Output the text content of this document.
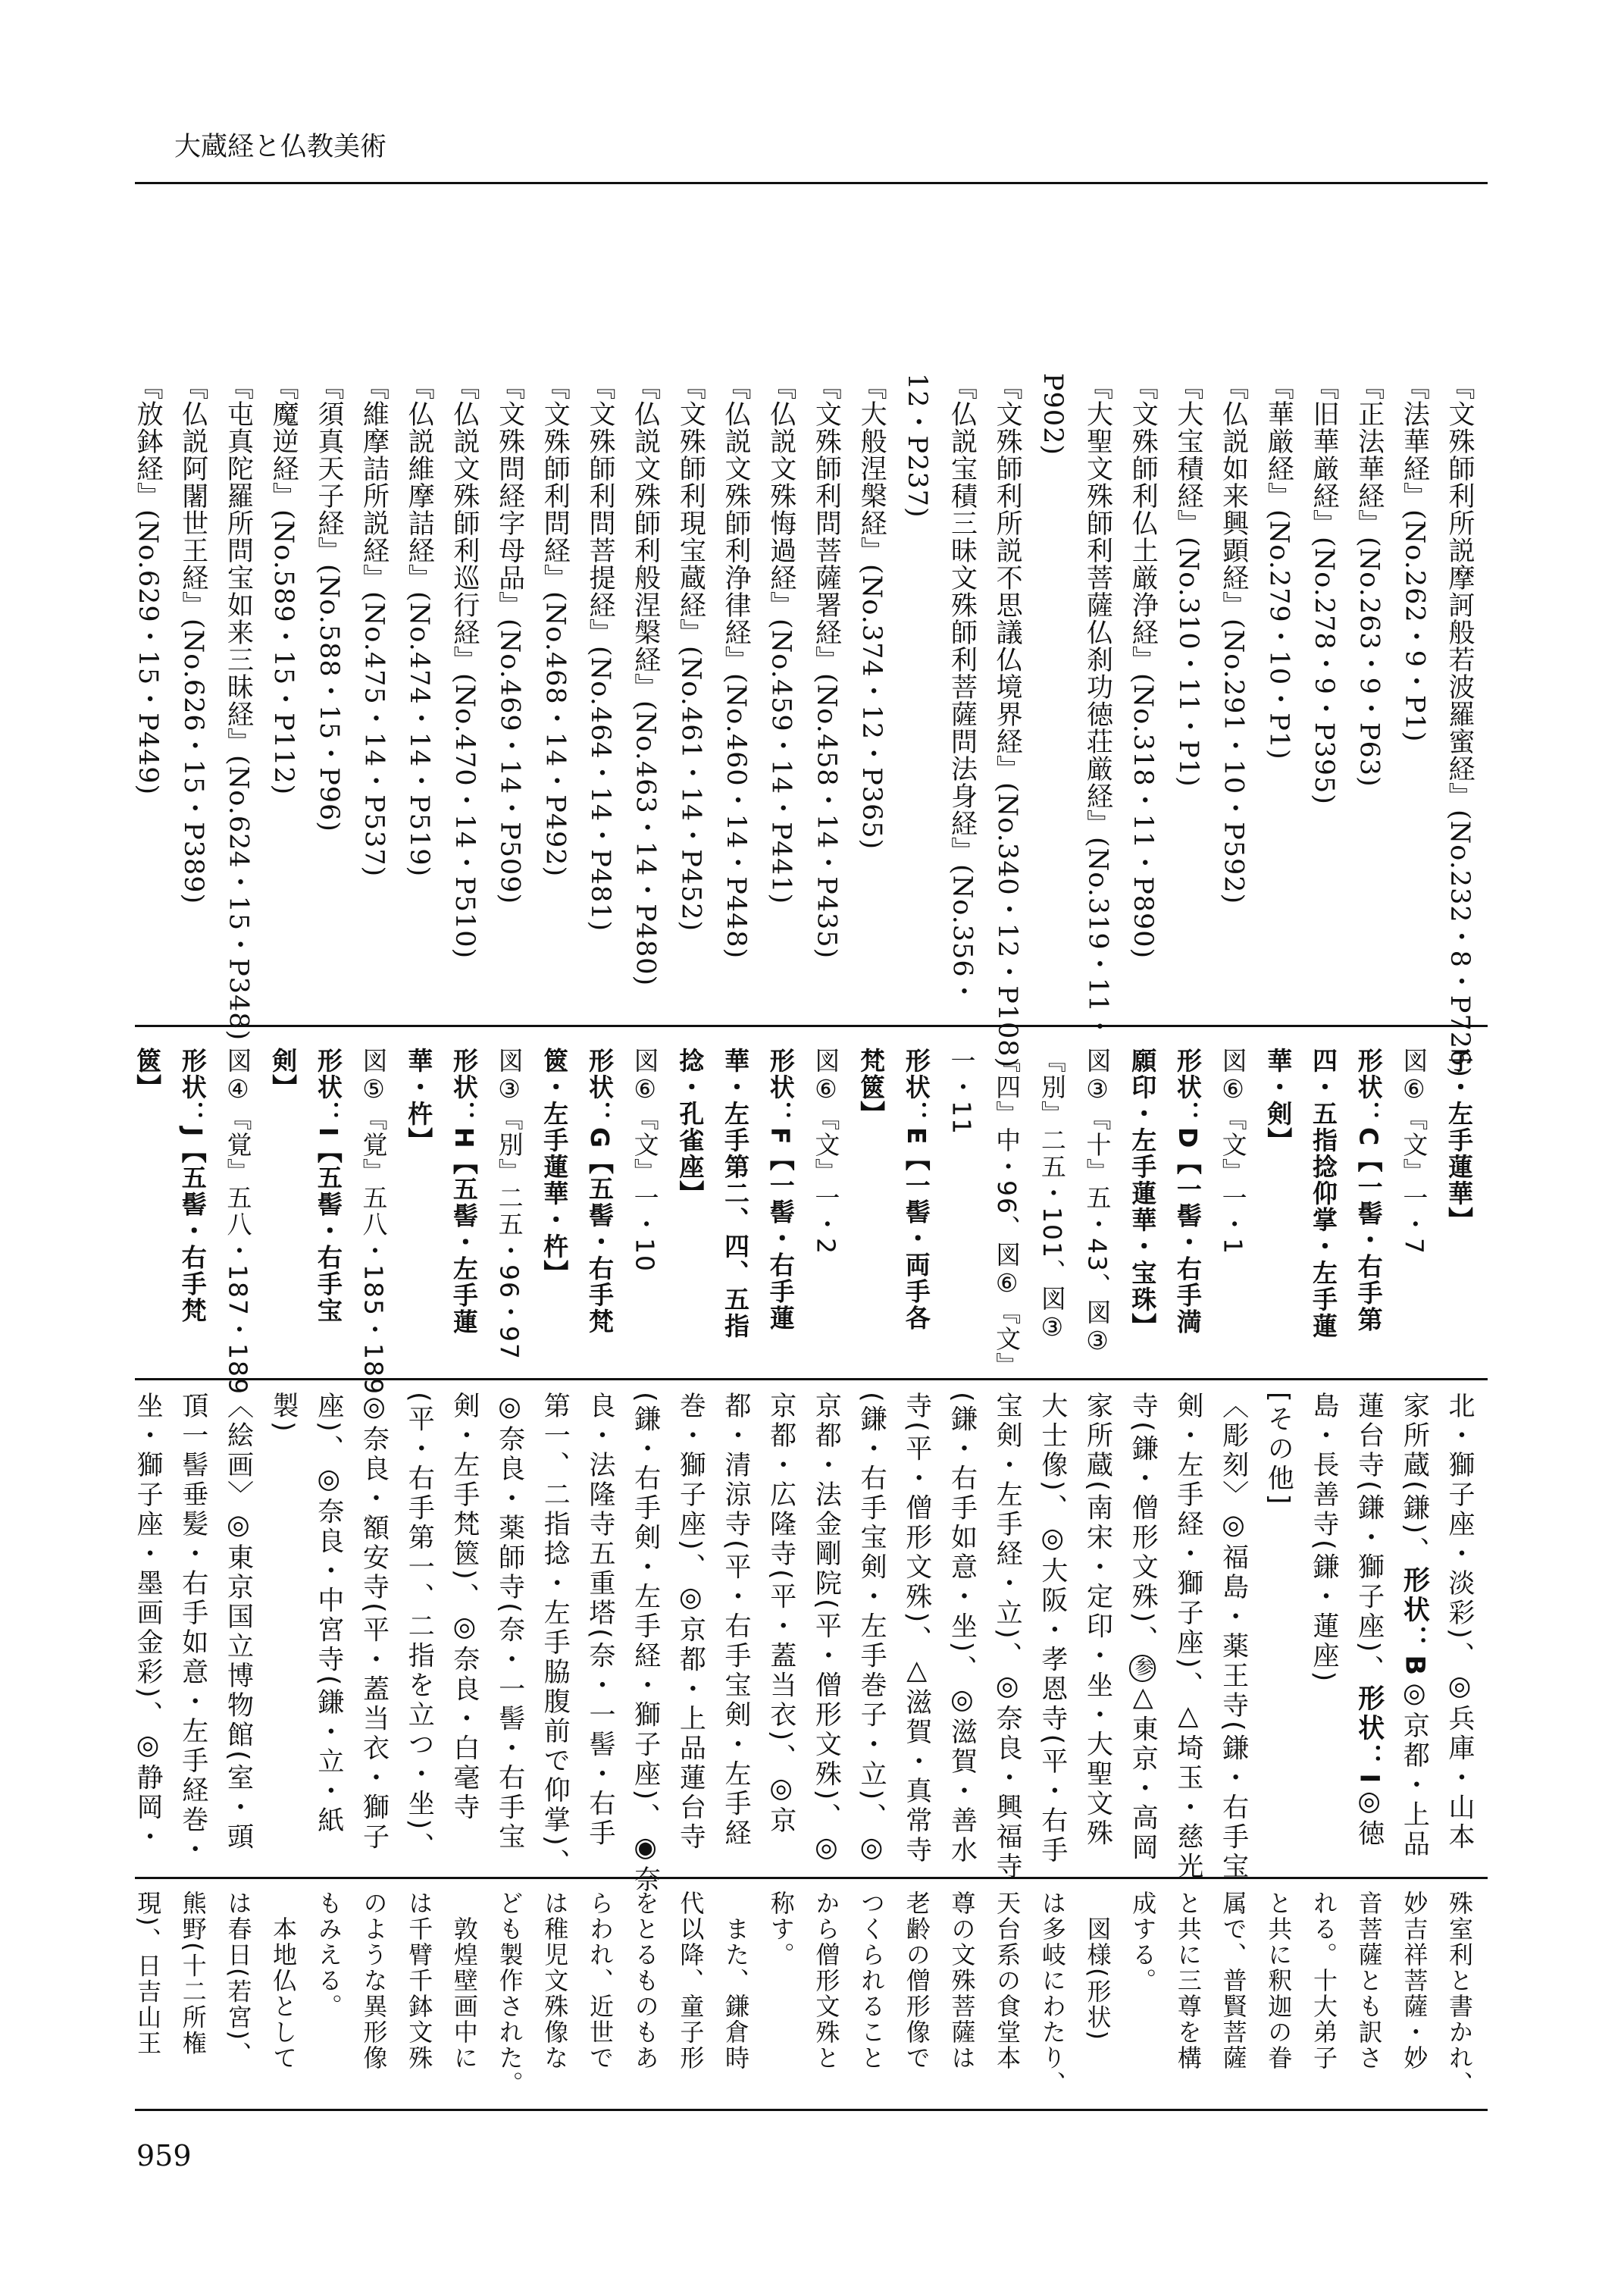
大蔵経と仏教美術
『文殊師利所説摩訶般若波羅蜜経』(No.232・8・P726)
『法華経』(No.262・9・P1)
『正法華経』(No.263・9・P63)
『旧華厳経』(No.278・9・P395)
『華厳経』(No.279・10・P1)
『仏説如来興顕経』(No.291・10・P592)
『大宝積経』(No.310・11・P1)
『文殊師利仏土厳浄経』(No.318・11・P890)
『大聖文殊師利菩薩仏刹功徳荘厳経』(No.319・11・
P902)
『文殊師利所説不思議仏境界経』(No.340・12・P108)
『仏説宝積三昧文殊師利菩薩問法身経』(No.356・
12・P237)
『大般涅槃経』(No.374・12・P365)
『文殊師利問菩薩署経』(No.458・14・P435)
『仏説文殊悔過経』(No.459・14・P441)
『仏説文殊師利浄律経』(No.460・14・P448)
『文殊師利現宝蔵経』(No.461・14・P452)
『仏説文殊師利般涅槃経』(No.463・14・P480)
『文殊師利問菩提経』(No.464・14・P481)
『文殊師利問経』(No.468・14・P492)
『文殊問経字母品』(No.469・14・P509)
『仏説文殊師利巡行経』(No.470・14・P510)
『仏説維摩詰経』(No.474・14・P519)
『維摩詰所説経』(No.475・14・P537)
『須真天子経』(No.588・15・P96)
『魔逆経』(No.589・15・P112)
『屯真陀羅所問宝如来三昧経』(No.624・15・P348)
『仏説阿闍世王経』(No.626・15・P389)
『放鉢経』(No.629・15・P449)
子・左手蓮華】
図⑥『文』一・7
形状：C【一髻・右手第
四・五指捻仰掌・左手蓮
華・剣】
図⑥『文』一・1
形状：D【一髻・右手満
願印・左手蓮華・宝珠】
図③『十』五・43、図③
『別』二五・101、図③
『四』中・96、図⑥『文』
一・11
形状：E【一髻・両手各
梵篋】
図⑥『文』一・2
形状：F【一髻・右手蓮
華・左手第二、四、五指
捻・孔雀座】
図⑥『文』一・10
形状：G【五髻・右手梵
篋・左手蓮華・杵】
図③『別』二五・96・97
形状：H【五髻・左手蓮
華・杵】
図⑤『覚』五八・185・189
形状：I【五髻・右手宝
剣】
図④『覚』五八・187・189
形状：J【五髻・右手梵
篋】
北・獅子座・淡彩)、◎兵庫・山本
家所蔵(鎌)、形状：B◎京都・上品
蓮台寺(鎌・獅子座)、形状：I◎徳
島・長善寺(鎌・蓮座)
[その他]
〈彫刻〉◎福島・薬王寺(鎌・右手宝
剣・左手経・獅子座)、△埼玉・慈光
寺(鎌・僧形文殊)、参△東京・高岡
家所蔵(南宋・定印・坐・大聖文殊
大士像)、◎大阪・孝恩寺(平・右手
宝剣・左手経・立)、◎奈良・興福寺
(鎌・右手如意・坐)、◎滋賀・善水
寺(平・僧形文殊)、△滋賀・真常寺
(鎌・右手宝剣・左手巻子・立)、◎
京都・法金剛院(平・僧形文殊)、◎
京都・広隆寺(平・蓋当衣)、◎京
都・清涼寺(平・右手宝剣・左手経
巻・獅子座)、◎京都・上品蓮台寺
(鎌・右手剣・左手経・獅子座)、◉奈
良・法隆寺五重塔(奈・一髻・右手
第一、二指捻・左手脇腹前で仰掌)、
◎奈良・薬師寺(奈・一髻・右手宝
剣・左手梵篋)、◎奈良・白毫寺
(平・右手第一、二指を立つ・坐)、
◎奈良・額安寺(平・蓋当衣・獅子
座)、◎奈良・中宮寺(鎌・立・紙
製)
〈絵画〉◎東京国立博物館(室・頭
頂一髻垂髪・右手如意・左手経巻・
坐・獅子座・墨画金彩)、◎静岡・
殊室利と書かれ、
妙吉祥菩薩・妙
音菩薩とも訳さ
れる。十大弟子
と共に釈迦の眷
属で、普賢菩薩
と共に三尊を構
成する。
　図様(形状)
は多岐にわたり、
天台系の食堂本
尊の文殊菩薩は
老齢の僧形像で
つくられること
から僧形文殊と
称す。
　また、鎌倉時
代以降、童子形
をとるものもあ
らわれ、近世で
は稚児文殊像な
ども製作された。
　敦煌壁画中に
は千臂千鉢文殊
のような異形像
もみえる。
　本地仏として
は春日(若宮)、
熊野(十二所権
現)、日吉山王
959
